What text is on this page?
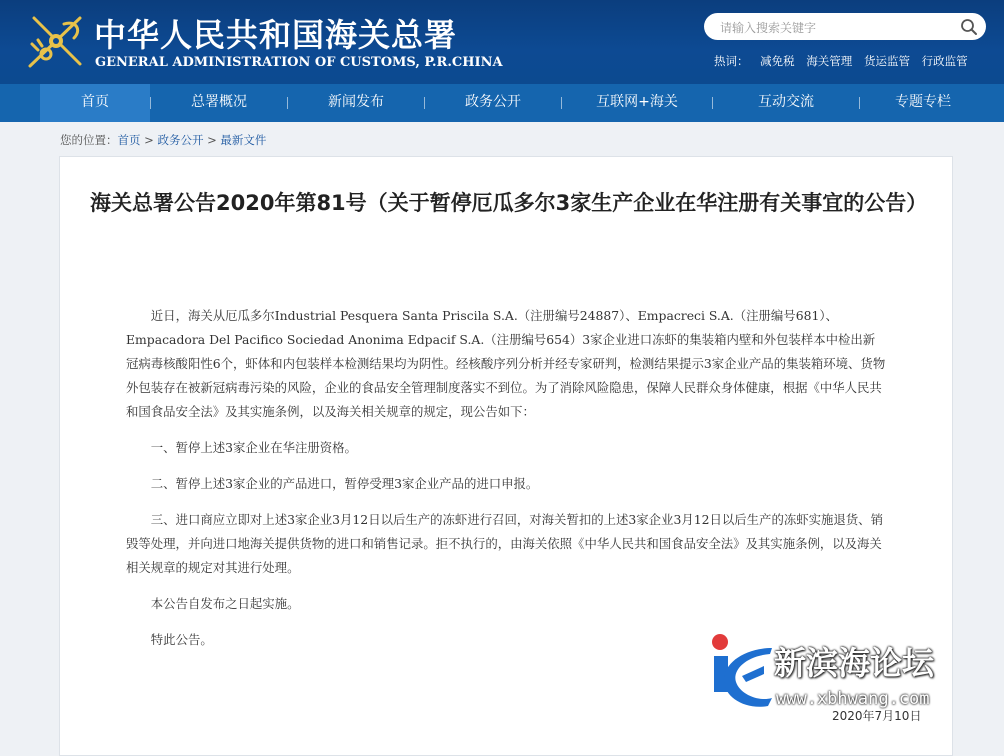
中华人民共和国海关总署
GENERAL ADMINISTRATION OF CUSTOMS, P.R.CHINA
请输入搜索关键字	热词： 减免税 海关管理 货运监管 行政监管
首页	总署概况	新闻发布	政务公开	互联网+海关	互动交流	专题专栏
您的位置：首页 > 政务公开 > 最新文件
海关总署公告2020年第81号（关于暂停厄瓜多尔3家生产企业在华注册有关事宜的公告）

近日，海关从厄瓜多尔Industrial Pesquera Santa Priscila S.A.（注册编号24887）、Empacreci S.A.（注册编号681）、Empacadora Del Pacifico Sociedad Anonima Edpacif S.A.（注册编号654）3家企业进口冻虾的集装箱内壁和外包装样本中检出新冠病毒核酸阳性6个，虾体和内包装样本检测结果均为阴性。经核酸序列分析并经专家研判，检测结果提示3家企业产品的集装箱环境、货物外包装存在被新冠病毒污染的风险，企业的食品安全管理制度落实不到位。为了消除风险隐患，保障人民群众身体健康，根据《中华人民共和国食品安全法》及其实施条例，以及海关相关规章的规定，现公告如下：

一、暂停上述3家企业在华注册资格。

二、暂停上述3家企业的产品进口，暂停受理3家企业产品的进口申报。

三、进口商应立即对上述3家企业3月12日以后生产的冻虾进行召回，对海关暂扣的上述3家企业3月12日以后生产的冻虾实施退货、销毁等处理，并向进口地海关提供货物的进口和销售记录。拒不执行的，由海关依照《中华人民共和国食品安全法》及其实施条例，以及海关相关规章的规定对其进行处理。

本公告自发布之日起实施。

特此公告。

2020年7月10日
新滨海论坛
www.xbhwang.com
